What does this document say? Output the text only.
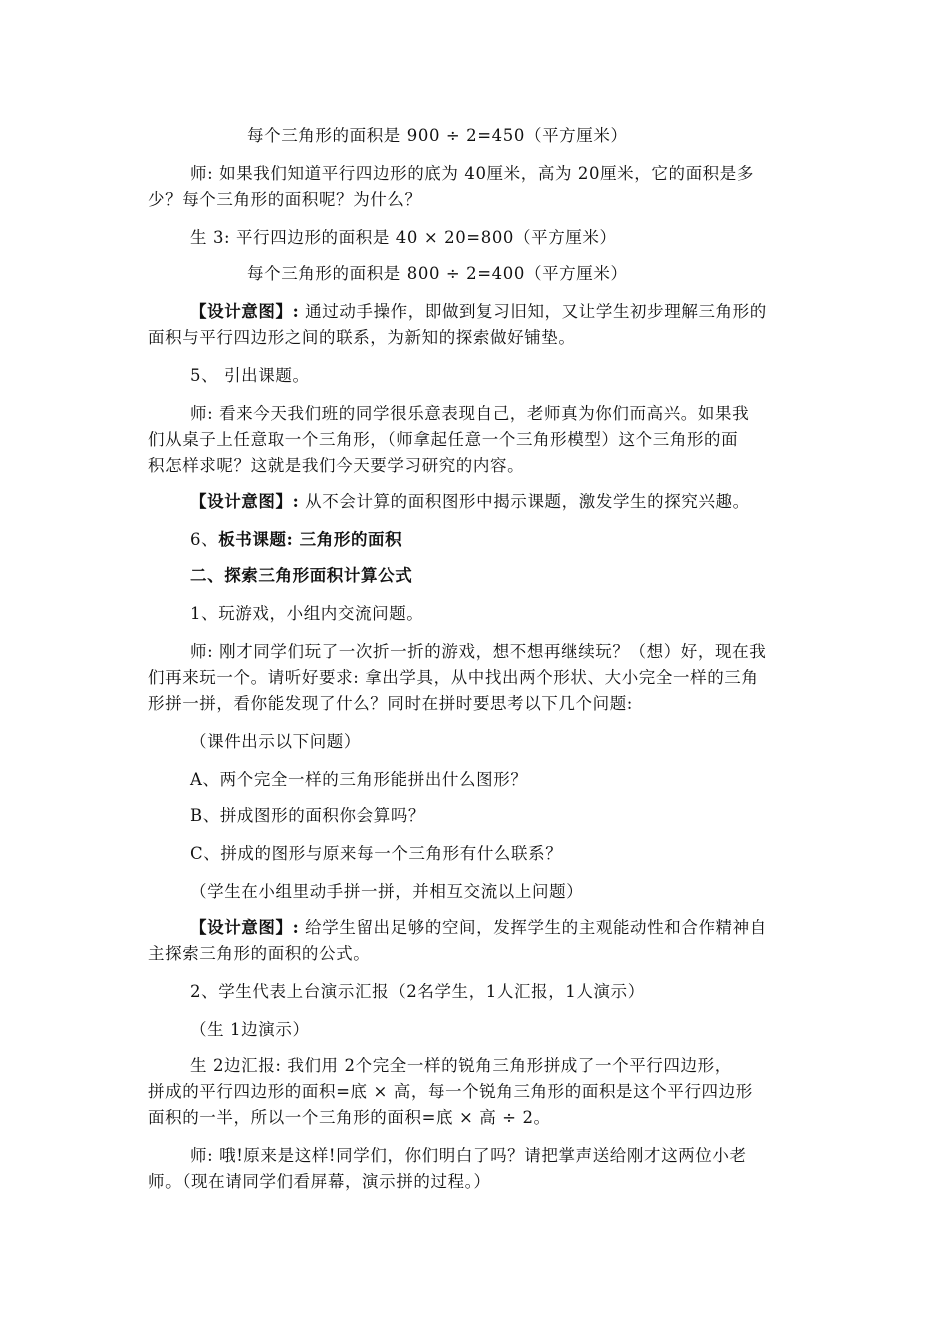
每个三角形的面积是 900 ÷ 2=450（平方厘米）
师: 如果我们知道平行四边形的底为 40厘米，高为 20厘米，它的面积是多
少？每个三角形的面积呢？为什么？
生 3: 平行四边形的面积是 40 × 20=800（平方厘米）
每个三角形的面积是 800 ÷ 2=400（平方厘米）
【设计意图】: 通过动手操作，即做到复习旧知，又让学生初步理解三角形的
面积与平行四边形之间的联系，为新知的探索做好铺垫。
5、 引出课题。
师: 看来今天我们班的同学很乐意表现自己，老师真为你们而高兴。如果我
们从桌子上任意取一个三角形，（师拿起任意一个三角形模型）这个三角形的面
积怎样求呢？这就是我们今天要学习研究的内容。
【设计意图】: 从不会计算的面积图形中揭示课题，激发学生的探究兴趣。
6、板书课题: 三角形的面积
二、探索三角形面积计算公式
1、玩游戏，小组内交流问题。
师: 刚才同学们玩了一次折一折的游戏，想不想再继续玩？（想）好，现在我
们再来玩一个。请听好要求: 拿出学具，从中找出两个形状、大小完全一样的三角
形拼一拼，看你能发现了什么？同时在拼时要思考以下几个问题:
（课件出示以下问题）
A、两个完全一样的三角形能拼出什么图形？
B、拼成图形的面积你会算吗？
C、拼成的图形与原来每一个三角形有什么联系？
（学生在小组里动手拼一拼，并相互交流以上问题）
【设计意图】: 给学生留出足够的空间，发挥学生的主观能动性和合作精神自
主探索三角形的面积的公式。
2、学生代表上台演示汇报（2名学生，1人汇报，1人演示）
（生 1边演示）
生 2边汇报: 我们用 2个完全一样的锐角三角形拼成了一个平行四边形，
拼成的平行四边形的面积=底 × 高，每一个锐角三角形的面积是这个平行四边形
面积的一半，所以一个三角形的面积=底 × 高 ÷ 2。
师: 哦!原来是这样!同学们，你们明白了吗？请把掌声送给刚才这两位小老
师。（现在请同学们看屏幕，演示拼的过程。）
